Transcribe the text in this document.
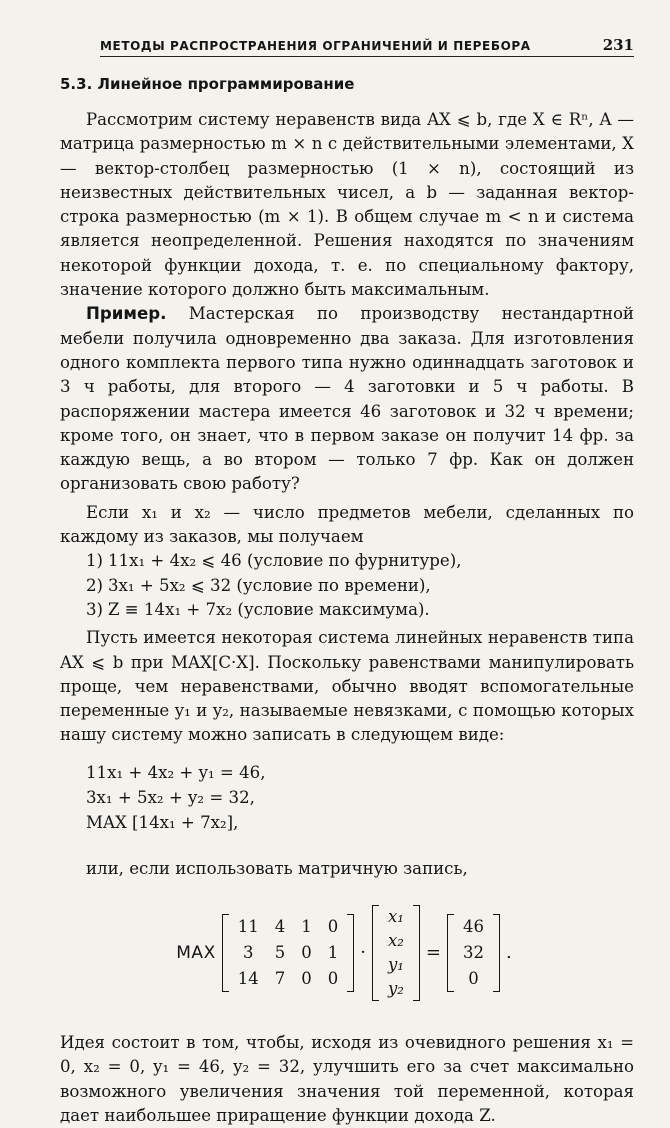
МЕТОДЫ РАСПРОСТРАНЕНИЯ ОГРАНИЧЕНИЙ И ПЕРЕБОРА	231
5.3. Линейное программирование

Рассмотрим систему неравенств вида AX ⩽ b, где X ∈ Rⁿ, A — матрица размерностью m × n с действительными элементами, X — вектор-столбец размерностью (1 × n), состоящий из неизвестных действительных чисел, а b — заданная вектор-строка размерностью (m × 1). В общем случае m < n и система является неопределенной. Решения находятся по значениям некоторой функции дохода, т. е. по специальному фактору, значение которого должно быть максимальным.

Пример. Мастерская по производству нестандартной мебели получила одновременно два заказа. Для изготовления одного комплекта первого типа нужно одиннадцать заготовок и 3 ч работы, для второго — 4 заготовки и 5 ч работы. В распоряжении мастера имеется 46 заготовок и 32 ч времени; кроме того, он знает, что в первом заказе он получит 14 фр. за каждую вещь, а во втором — только 7 фр. Как он должен организовать свою работу?

Если x₁ и x₂ — число предметов мебели, сделанных по каждому из заказов, мы получаем

1) 11x₁ + 4x₂ ⩽ 46 (условие по фурнитуре),
2) 3x₁ + 5x₂ ⩽ 32 (условие по времени),
3) Z ≡ 14x₁ + 7x₂ (условие максимума).

Пусть имеется некоторая система линейных неравенств типа AX ⩽ b при MAX[C·X]. Поскольку равенствами манипулировать проще, чем неравенствами, обычно вводят вспомогательные переменные y₁ и y₂, называемые невязками, с помощью которых нашу систему можно записать в следующем виде:

11x₁ + 4x₂ + y₁ = 46,
3x₁ + 5x₂ + y₂ = 32,
MAX [14x₁ + 7x₂],

или, если использовать матричную запись,

MAX
11	4	1	0
3	5	0	1
14	7	0	0
·
x₁
x₂
y₁
y₂
=
46
32
0
.

Идея состоит в том, чтобы, исходя из очевидного решения x₁ = 0, x₂ = 0, y₁ = 46, y₂ = 32, улучшить его за счет максимально возможного увеличения значения той переменной, которая дает наибольшее приращение функции дохода Z.
